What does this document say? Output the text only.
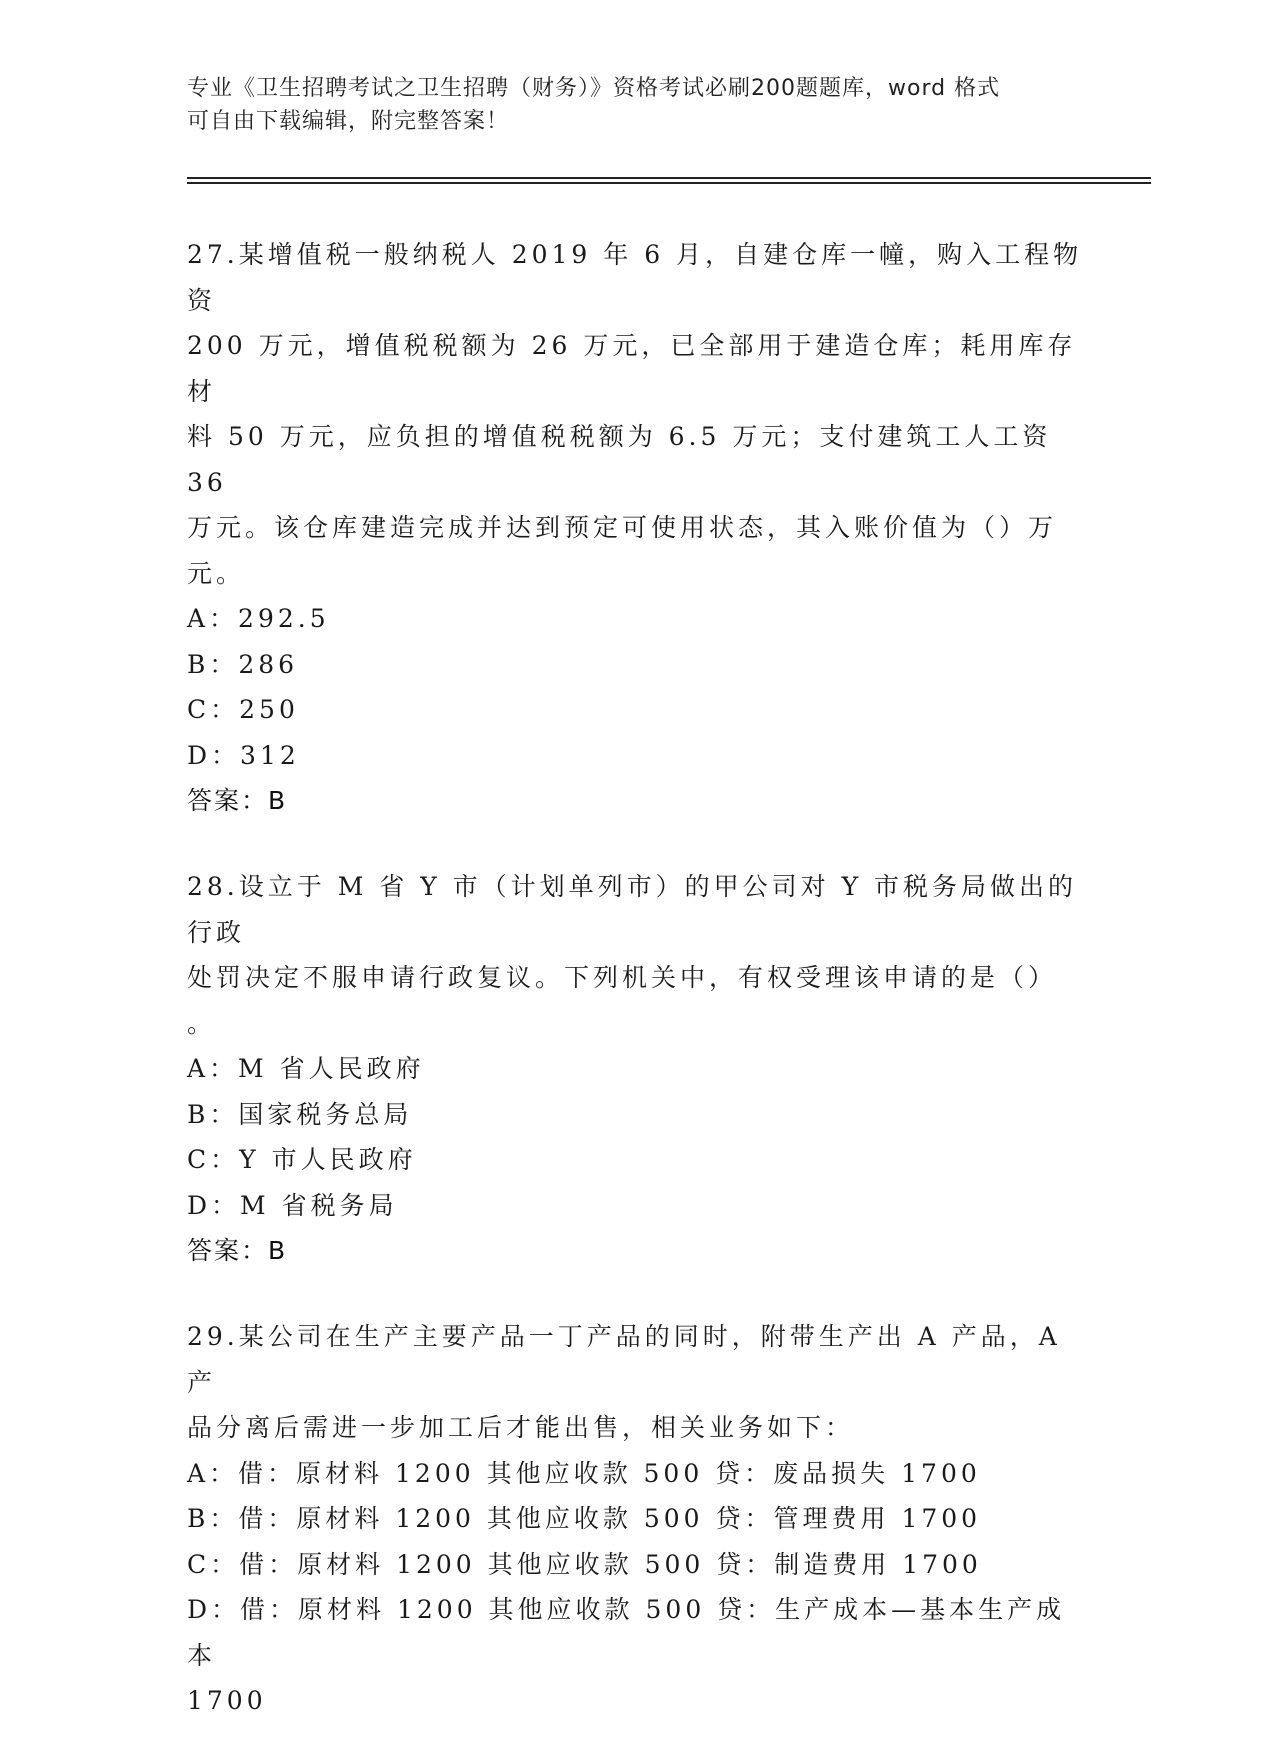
专业《卫生招聘考试之卫生招聘（财务）》资格考试必刷200题题库，word 格式

可自由下载编辑，附完整答案！

27.某增值税一般纳税人 2019 年 6 月，自建仓库一幢，购入工程物资

200 万元，增值税税额为 26 万元，已全部用于建造仓库；耗用库存材

料 50 万元，应负担的增值税税额为 6.5 万元；支付建筑工人工资 36

万元。该仓库建造完成并达到预定可使用状态，其入账价值为（）万

元。

A：292.5

B：286

C：250

D：312

答案：B

28.设立于 M 省 Y 市（计划单列市）的甲公司对 Y 市税务局做出的行政

处罚决定不服申请行政复议。下列机关中，有权受理该申请的是（）

。

A：M 省人民政府

B：国家税务总局

C：Y 市人民政府

D：M 省税务局

答案：B

29.某公司在生产主要产品一丁产品的同时，附带生产出 A 产品，A 产

品分离后需进一步加工后才能出售，相关业务如下：

A：借：原材料 1200 其他应收款 500 贷：废品损失 1700

B：借：原材料 1200 其他应收款 500 贷：管理费用 1700

C：借：原材料 1200 其他应收款 500 贷：制造费用 1700

D：借：原材料 1200 其他应收款 500 贷：生产成本—基本生产成本

1700
